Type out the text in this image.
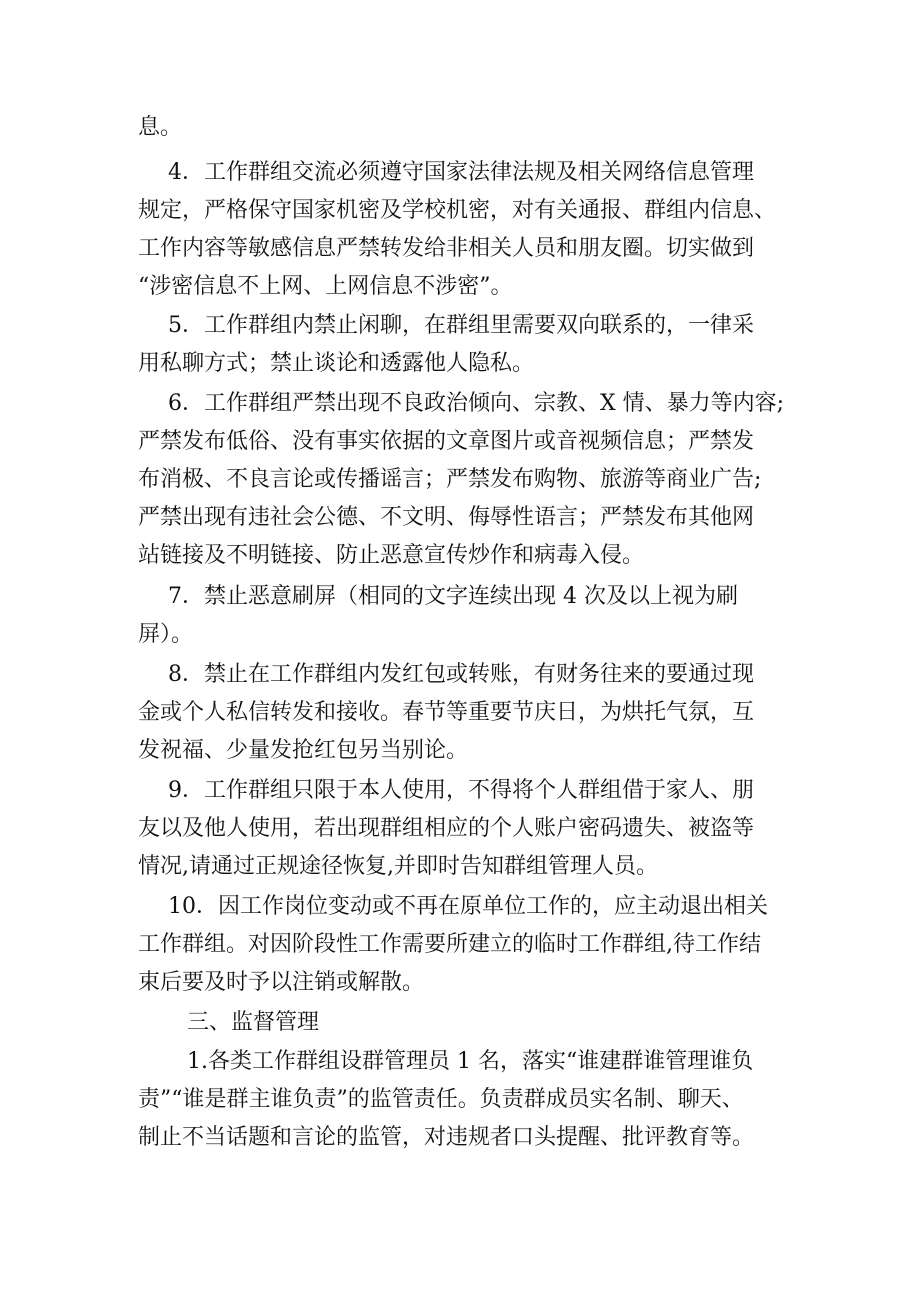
息。
4．工作群组交流必须遵守国家法律法规及相关网络信息管理
规定，严格保守国家机密及学校机密，对有关通报、群组内信息、
工作内容等敏感信息严禁转发给非相关人员和朋友圈。切实做到
“涉密信息不上网、上网信息不涉密”。
5．工作群组内禁止闲聊，在群组里需要双向联系的，一律采
用私聊方式；禁止谈论和透露他人隐私。
6．工作群组严禁出现不良政治倾向、宗教、X 情、暴力等内容;
严禁发布低俗、没有事实依据的文章图片或音视频信息；严禁发
布消极、不良言论或传播谣言；严禁发布购物、旅游等商业广告;
严禁出现有违社会公德、不文明、侮辱性语言；严禁发布其他网
站链接及不明链接、防止恶意宣传炒作和病毒入侵。
7．禁止恶意刷屏（相同的文字连续出现 4 次及以上视为刷
屏）。
8．禁止在工作群组内发红包或转账，有财务往来的要通过现
金或个人私信转发和接收。春节等重要节庆日，为烘托气氛，互
发祝福、少量发抢红包另当别论。
9．工作群组只限于本人使用，不得将个人群组借于家人、朋
友以及他人使用，若出现群组相应的个人账户密码遗失、被盗等
情况,请通过正规途径恢复,并即时告知群组管理人员。
10．因工作岗位变动或不再在原单位工作的，应主动退出相关
工作群组。对因阶段性工作需要所建立的临时工作群组,待工作结
束后要及时予以注销或解散。
三、监督管理
1.各类工作群组设群管理员 1 名，落实“谁建群谁管理谁负
责”“谁是群主谁负责”的监管责任。负责群成员实名制、聊天、
制止不当话题和言论的监管，对违规者口头提醒、批评教育等。
